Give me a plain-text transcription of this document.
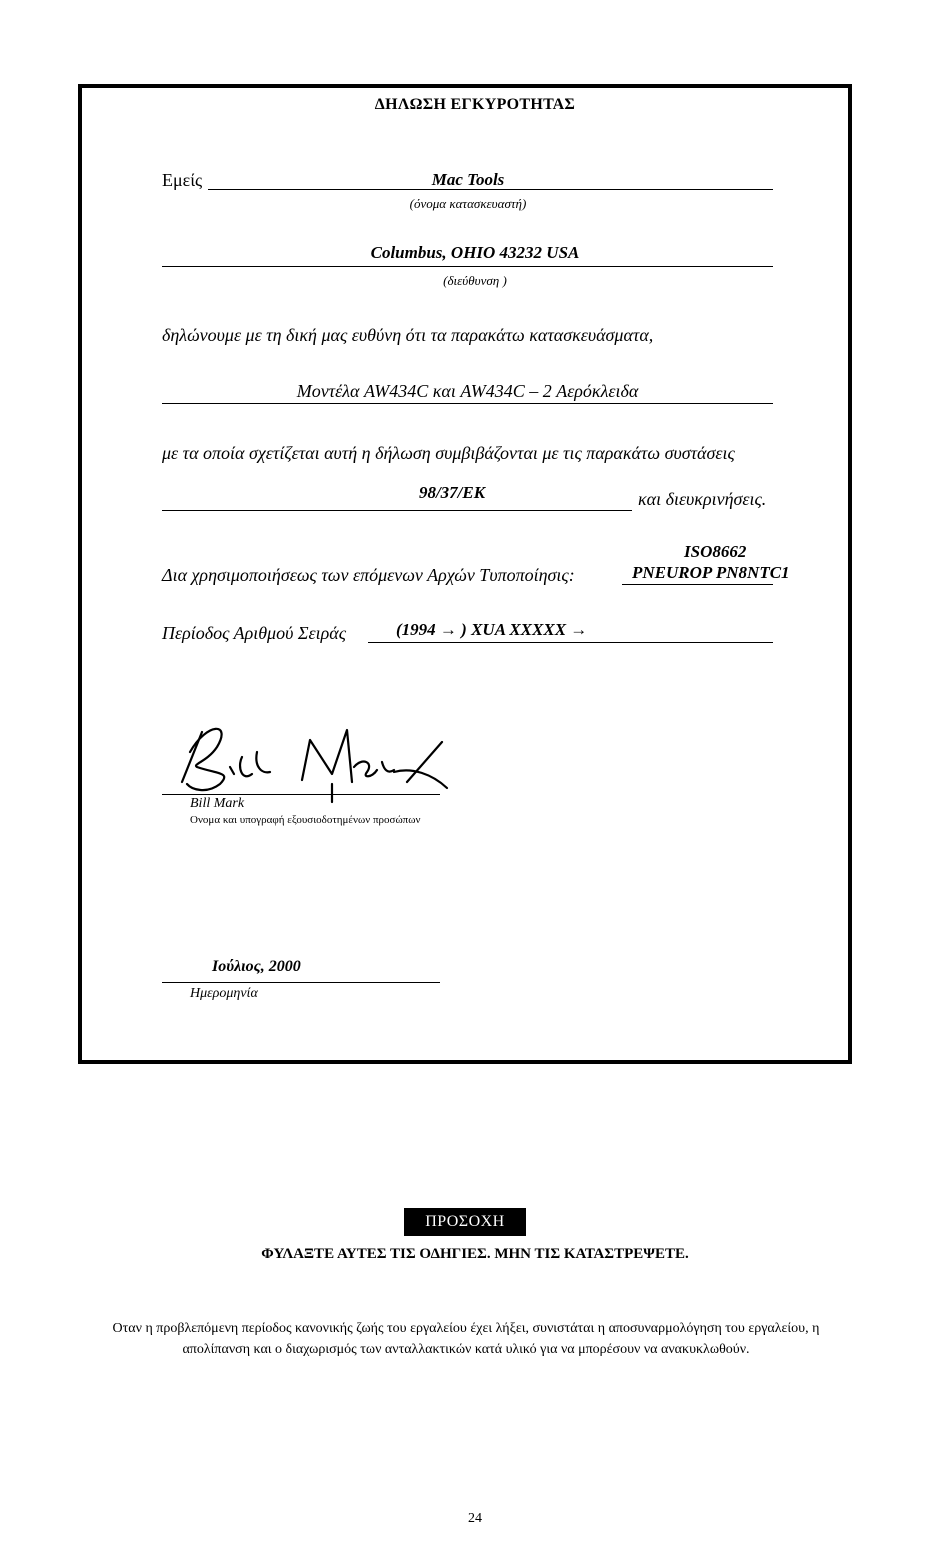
ΔΗΛΩΣΗ ΕΓΚΥΡΟΤΗΤΑΣ
Εμείς	Mac Tools
(όνομα κατασκευαστή)
Columbus, OHIO 43232 USA
(διεύθυνση )
δηλώνουμε με τη δική μας ευθύνη ότι τα παρακάτω κατασκευάσματα,
Μοντέλα AW434C και AW434C – 2 Αερόκλειδα
με τα οποία σχετίζεται αυτή η δήλωση συμβιβάζονται με τις παρακάτω συστάσεις
98/37/EK	και διευκρινήσεις.
ISO8662
Δια χρησιμοποιήσεως των επόμενων Αρχών Τυποποίησις:	PNEUROP PN8NTC1
Περίοδος Αριθμού Σειράς	(1994 → ) XUA XXXXX →
Bill Mark
Ονομα και υπογραφή εξουσιοδοτημένων προσώπων
Ιούλιος, 2000
Ημερομηνία
ΠΡΟΣΟΧΗ
ΦΥΛΑΞΤΕ ΑΥΤΕΣ ΤΙΣ ΟΔΗΓΙΕΣ. ΜΗΝ ΤΙΣ ΚΑΤΑΣΤΡΕΨΕΤΕ.
Οταν η προβλεπόμενη περίοδος κανονικής ζωής του εργαλείου έχει λήξει, συνιστάται η αποσυναρμολόγηση του εργαλείου, η απολίπανση και ο διαχωρισμός των ανταλλακτικών κατά υλικό για να μπορέσουν να ανακυκλωθούν.
24
